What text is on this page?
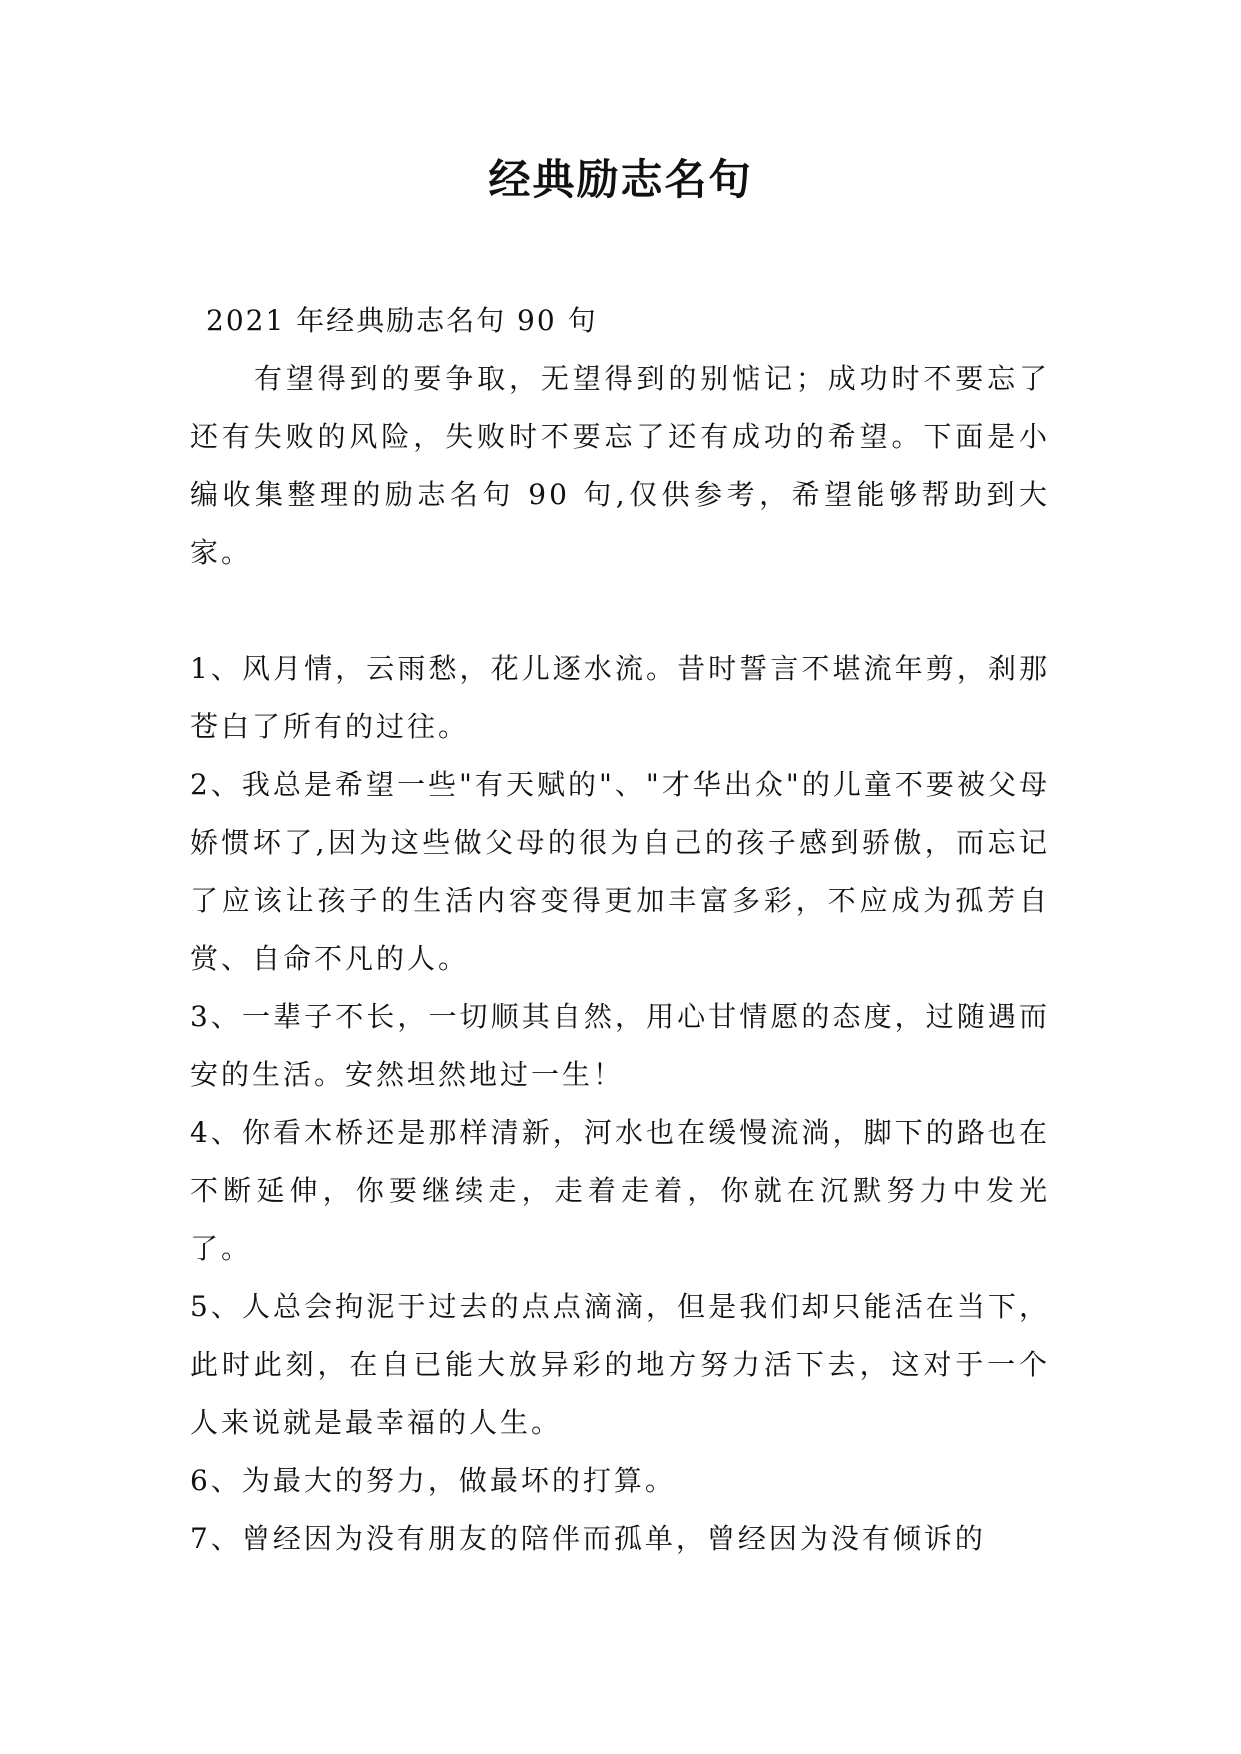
经典励志名句

2021 年经典励志名句 90 句

有望得到的要争取，无望得到的别惦记；成功时不要忘了还有失败的风险，失败时不要忘了还有成功的希望。下面是小编收集整理的励志名句 90 句,仅供参考，希望能够帮助到大家。

1、风月情，云雨愁，花儿逐水流。昔时誓言不堪流年剪，刹那苍白了所有的过往。

2、我总是希望一些"有天赋的"、"才华出众"的儿童不要被父母娇惯坏了,因为这些做父母的很为自己的孩子感到骄傲，而忘记了应该让孩子的生活内容变得更加丰富多彩，不应成为孤芳自赏、自命不凡的人。

3、一辈子不长，一切顺其自然，用心甘情愿的态度，过随遇而安的生活。安然坦然地过一生！

4、你看木桥还是那样清新，河水也在缓慢流淌，脚下的路也在不断延伸，你要继续走，走着走着，你就在沉默努力中发光了。

5、人总会拘泥于过去的点点滴滴，但是我们却只能活在当下，此时此刻，在自已能大放异彩的地方努力活下去，这对于一个人来说就是最幸福的人生。

6、为最大的努力，做最坏的打算。

7、曾经因为没有朋友的陪伴而孤单，曾经因为没有倾诉的
